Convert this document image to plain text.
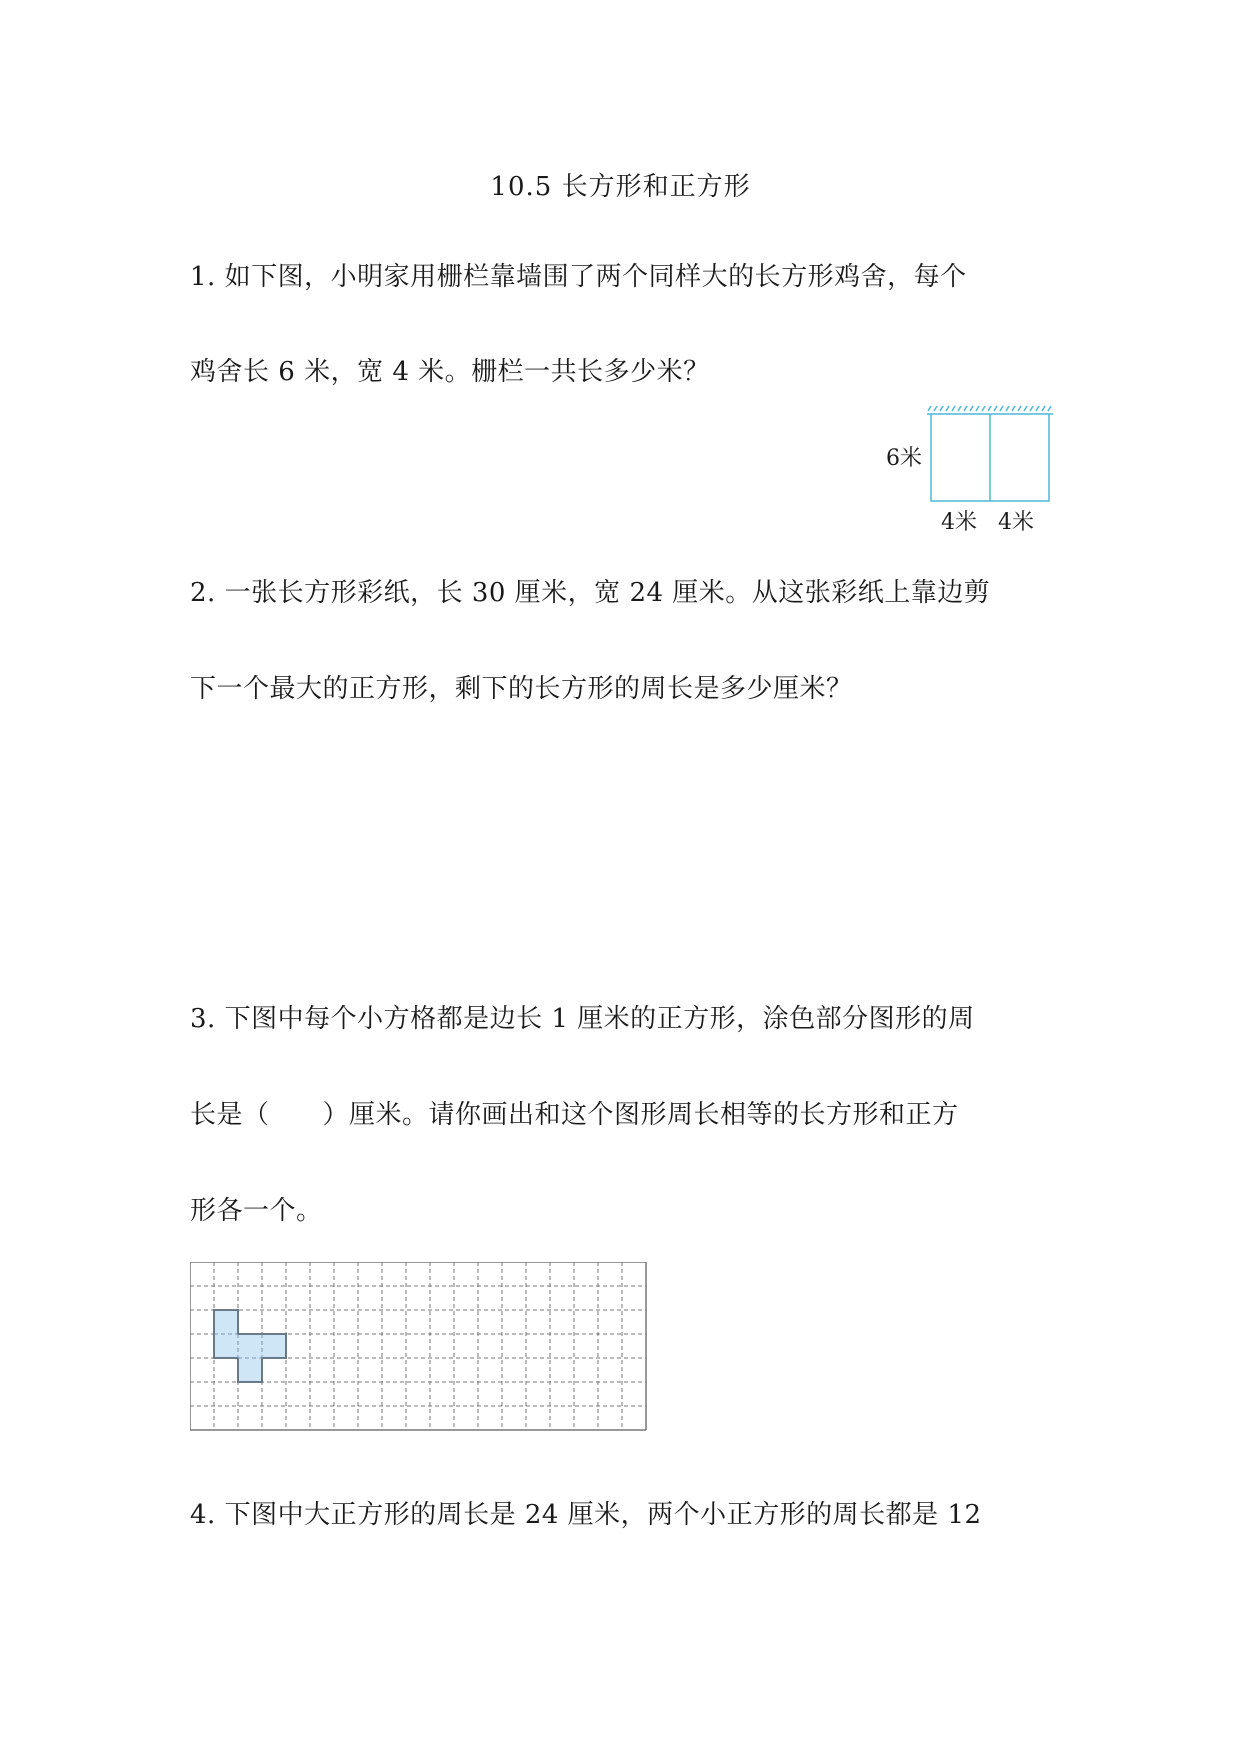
10.5 长方形和正方形
1. 如下图，小明家用栅栏靠墙围了两个同样大的长方形鸡舍，每个
鸡舍长 6 米，宽 4 米。栅栏一共长多少米？
6米
4米 4米
2. 一张长方形彩纸，长 30 厘米，宽 24 厘米。从这张彩纸上靠边剪
下一个最大的正方形，剩下的长方形的周长是多少厘米？
3. 下图中每个小方格都是边长 1 厘米的正方形，涂色部分图形的周
长是（　　）厘米。请你画出和这个图形周长相等的长方形和正方
形各一个。
4. 下图中大正方形的周长是 24 厘米，两个小正方形的周长都是 12
